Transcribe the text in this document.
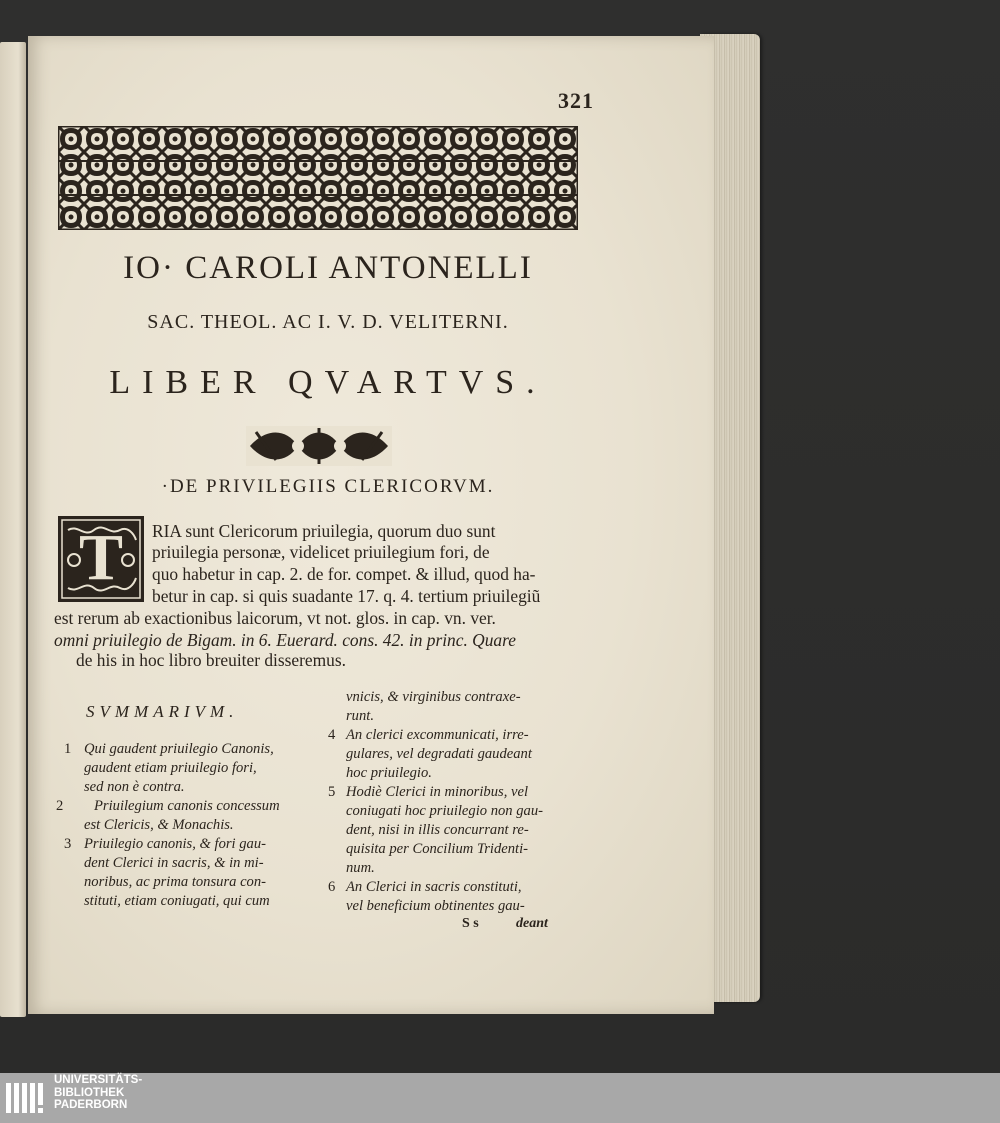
321
IO· CAROLI ANTONELLI
SAC. THEOL. AC I. V. D. VELITERNI.
LIBER QVARTVS.
·DE PRIVILEGIIS CLERICORVM.
T	RIA sunt Clericorum priuilegia, quorum duo sunt
priuilegia personæ, videlicet priuilegium fori, de
quo habetur in cap. 2. de for. compet. & illud, quod ha-
betur in cap. si quis suadante 17. q. 4. tertium priuilegiũ
est rerum ab exactionibus laicorum, vt not. glos. in cap. vn. ver.
omni priuilegio de Bigam. in 6. Euerard. cons. 42. in princ. Quare
de his in hoc libro breuiter disseremus.
SVMMARIVM.
1 Qui gaudent priuilegio Canonis,
gaudent etiam priuilegio fori,
sed non è contra.
2 Priuilegium canonis concessum
est Clericis, & Monachis.
3 Priuilegio canonis, & fori gau-
dent Clerici in sacris, & in mi-
noribus, ac prima tonsura con-
stituti, etiam coniugati, qui cum
vnicis, & virginibus contraxe-
runt.
4 An clerici excommunicati, irre-
gulares, vel degradati gaudeant
hoc priuilegio.
5 Hodiè Clerici in minoribus, vel
coniugati hoc priuilegio non gau-
dent, nisi in illis concurrant re-
quisita per Concilium Tridenti-
num.
6 An Clerici in sacris constituti,
vel beneficium obtinentes gau-
S s	deant
UNIVERSITÄTS-
BIBLIOTHEK
PADERBORN
